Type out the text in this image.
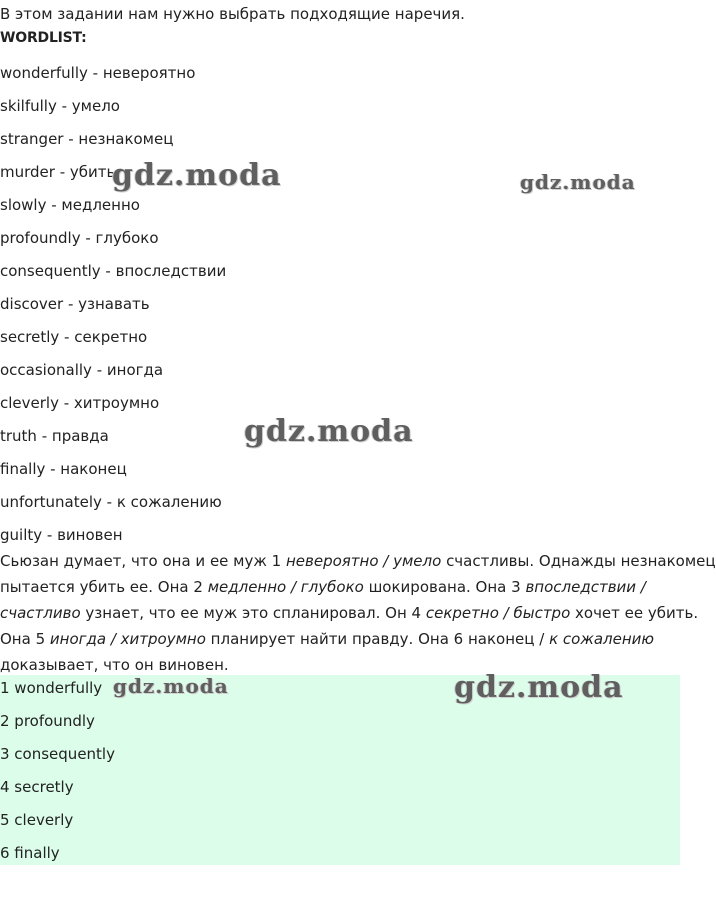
В этом задании нам нужно выбрать подходящие наречия.
WORDLIST:
wonderfully - невероятно
skilfully - умело
stranger - незнакомец
murder - убить
slowly - медленно
profoundly - глубоко
consequently - впоследствии
discover - узнавать
secretly - секретно
occasionally - иногда
cleverly - хитроумно
truth - правда
finally - наконец
unfortunately - к сожалению
guilty - виновен

Сьюзан думает, что она и ее муж 1 невероятно / умело счастливы. Однажды незнакомец

пытается убить ее. Она 2 медленно / глубоко шокирована. Она 3 впоследствии /

счастливо узнает, что ее муж это спланировал. Он 4 секретно / быстро хочет ее убить.

Она 5 иногда / хитроумно планирует найти правду. Она 6 наконец / к сожалению

доказывает, что он виновен.

1 wonderfully
2 profoundly
3 consequently
4 secretly
5 cleverly
6 finally
gdz.moda	gdz.moda
gdz.moda
gdz.moda	gdz.moda
